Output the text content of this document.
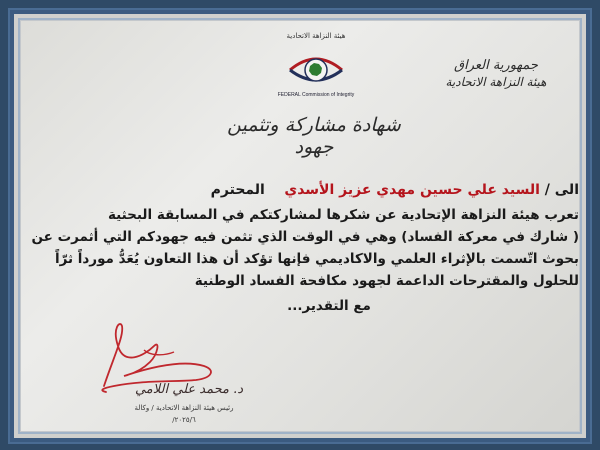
هيئة النزاهة الاتحادية
FEDERAL Commission of Integrity
جمهورية العراق
هيئة النزاهة الاتحادية
شهادة مشاركة وتثمين جهود
الى / السيد علي حسين مهدي عزيز الأسدي    المحترم
تعرب هيئة النزاهة الإتحادية عن شكرها لمشاركتكم في المسابقة البحثية
( شارك في معركة الفساد) وهي في الوقت الذي تثمن فيه جهودكم التي أثمرت عن
بحوث اتّسمت بالإثراء العلمي والاكاديمي فإنها تؤكد أن هذا التعاون يُعَدُّ مورداً ثرّاً
للحلول والمقترحات الداعمة لجهود مكافحة الفساد الوطنية
مع التقدير...
د. محمد علي اللامي
رئيس هيئة النزاهة الاتحادية / وكالة
٢٠٢٥/٦/
